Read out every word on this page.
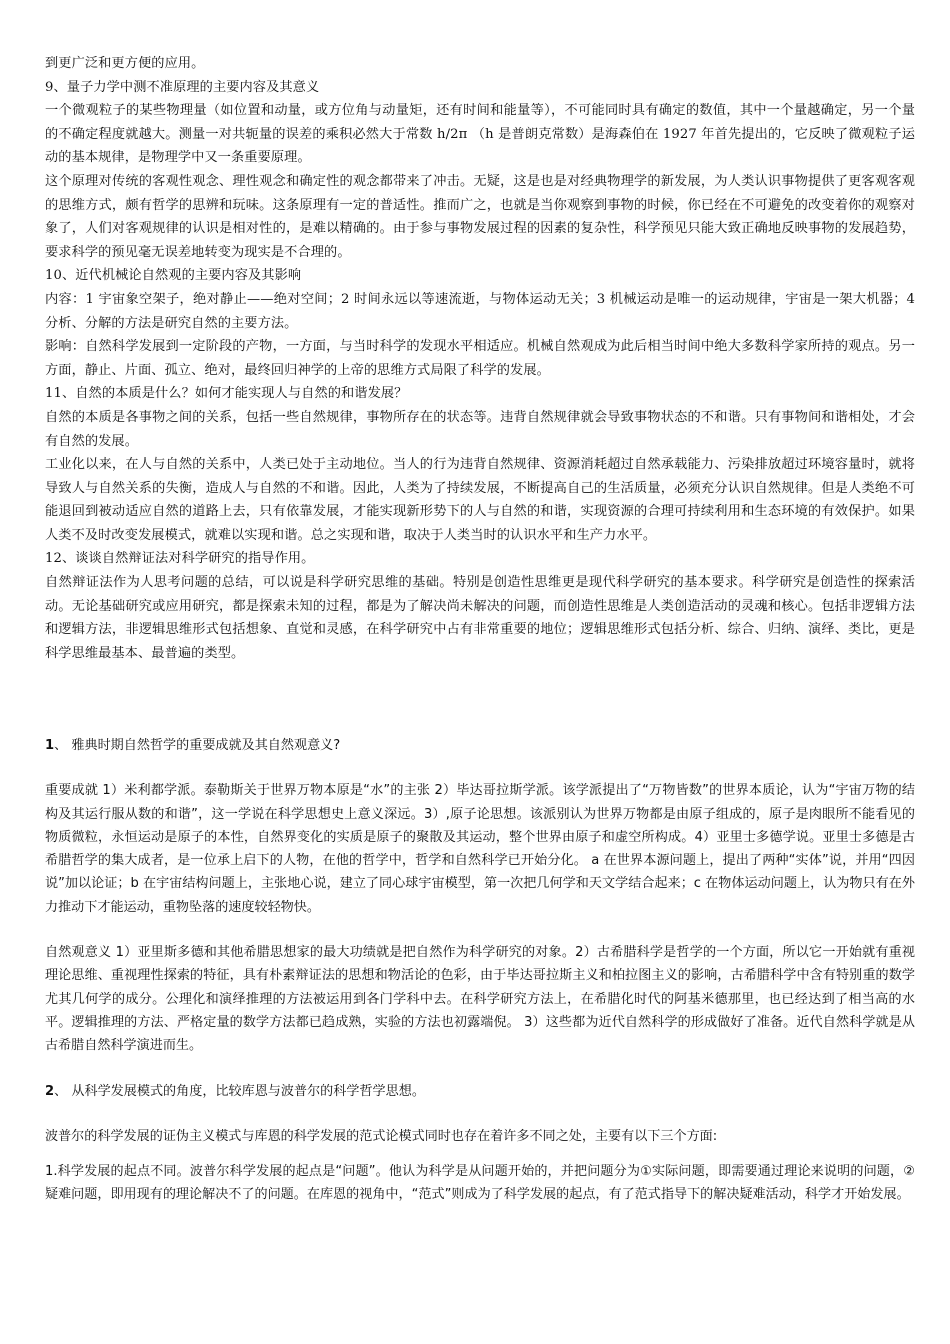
到更广泛和更方便的应用。

9、量子力学中测不准原理的主要内容及其意义

一个微观粒子的某些物理量（如位置和动量，或方位角与动量矩，还有时间和能量等），不可能同时具有确定的数值，其中一个量越确定，另一个量的不确定程度就越大。测量一对共轭量的误差的乘积必然大于常数 h/2π （h 是普朗克常数）是海森伯在 1927 年首先提出的，它反映了微观粒子运动的基本规律，是物理学中又一条重要原理。

这个原理对传统的客观性观念、理性观念和确定性的观念都带来了冲击。无疑，这是也是对经典物理学的新发展，为人类认识事物提供了更客观客观的思维方式，颇有哲学的思辨和玩味。这条原理有一定的普适性。推而广之，也就是当你观察到事物的时候，你已经在不可避免的改变着你的观察对象了，人们对客观规律的认识是相对性的，是难以精确的。由于参与事物发展过程的因素的复杂性，科学预见只能大致正确地反映事物的发展趋势，要求科学的预见毫无误差地转变为现实是不合理的。

10、近代机械论自然观的主要内容及其影响

内容：1 宇宙象空架子，绝对静止——绝对空间；2 时间永远以等速流逝，与物体运动无关；3 机械运动是唯一的运动规律，宇宙是一架大机器；4 分析、分解的方法是研究自然的主要方法。

影响：自然科学发展到一定阶段的产物，一方面，与当时科学的发现水平相适应。机械自然观成为此后相当时间中绝大多数科学家所持的观点。另一方面，静止、片面、孤立、绝对，最终回归神学的上帝的思维方式局限了科学的发展。

11、自然的本质是什么？如何才能实现人与自然的和谐发展？

自然的本质是各事物之间的关系，包括一些自然规律，事物所存在的状态等。违背自然规律就会导致事物状态的不和谐。只有事物间和谐相处，才会有自然的发展。

工业化以来，在人与自然的关系中，人类已处于主动地位。当人的行为违背自然规律、资源消耗超过自然承载能力、污染排放超过环境容量时，就将导致人与自然关系的失衡，造成人与自然的不和谐。因此，人类为了持续发展，不断提高自己的生活质量，必须充分认识自然规律。但是人类绝不可能退回到被动适应自然的道路上去，只有依靠发展，才能实现新形势下的人与自然的和谐，实现资源的合理可持续利用和生态环境的有效保护。如果人类不及时改变发展模式，就难以实现和谐。总之实现和谐，取决于人类当时的认识水平和生产力水平。

12、谈谈自然辩证法对科学研究的指导作用。

自然辩证法作为人思考问题的总结，可以说是科学研究思维的基础。特别是创造性思维更是现代科学研究的基本要求。科学研究是创造性的探索活动。无论基础研究或应用研究，都是探索未知的过程，都是为了解决尚未解决的问题，而创造性思维是人类创造活动的灵魂和核心。包括非逻辑方法和逻辑方法，非逻辑思维形式包括想象、直觉和灵感，在科学研究中占有非常重要的地位；逻辑思维形式包括分析、综合、归纳、演绎、类比，更是科学思维最基本、最普遍的类型。

1、 雅典时期自然哲学的重要成就及其自然观意义?

重要成就 1）米利都学派。泰勒斯关于世界万物本原是“水”的主张 2）毕达哥拉斯学派。该学派提出了“万物皆数”的世界本质论，认为“宇宙万物的结构及其运行服从数的和谐”，这一学说在科学思想史上意义深远。3）,原子论思想。该派别认为世界万物都是由原子组成的，原子是肉眼所不能看见的物质微粒，永恒运动是原子的本性，自然界变化的实质是原子的聚散及其运动，整个世界由原子和虚空所构成。4）亚里士多德学说。亚里士多德是古希腊哲学的集大成者，是一位承上启下的人物，在他的哲学中，哲学和自然科学已开始分化。 a 在世界本源问题上，提出了两种“实体”说，并用“四因说”加以论证；b 在宇宙结构问题上，主张地心说，建立了同心球宇宙模型，第一次把几何学和天文学结合起来；c 在物体运动问题上，认为物只有在外力推动下才能运动，重物坠落的速度较轻物快。

自然观意义 1）亚里斯多德和其他希腊思想家的最大功绩就是把自然作为科学研究的对象。2）古希腊科学是哲学的一个方面，所以它一开始就有重视理论思维、重视理性探索的特征，具有朴素辩证法的思想和物活论的色彩，由于毕达哥拉斯主义和柏拉图主义的影响，古希腊科学中含有特别重的数学尤其几何学的成分。公理化和演绎推理的方法被运用到各门学科中去。在科学研究方法上，在希腊化时代的阿基米德那里，也已经达到了相当高的水平。逻辑推理的方法、严格定量的数学方法都已趋成熟，实验的方法也初露端倪。 3）这些都为近代自然科学的形成做好了准备。近代自然科学就是从古希腊自然科学演进而生。

2、 从科学发展模式的角度，比较库恩与波普尔的科学哲学思想。

波普尔的科学发展的证伪主义模式与库恩的科学发展的范式论模式同时也存在着许多不同之处，主要有以下三个方面:

1.科学发展的起点不同。波普尔科学发展的起点是“问题”。他认为科学是从问题开始的，并把问题分为①实际问题，即需要通过理论来说明的问题，②疑难问题，即用现有的理论解决不了的问题。在库恩的视角中，“范式”则成为了科学发展的起点，有了范式指导下的解决疑难活动，科学才开始发展。
